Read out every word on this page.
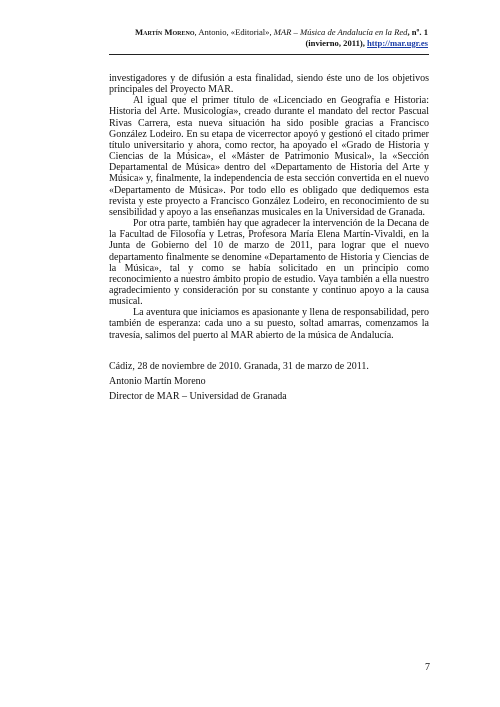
Martín Moreno, Antonio, «Editorial», MAR – Música de Andalucía en la Red, nº. 1 (invierno, 2011), http://mar.ugr.es

investigadores y de difusión a esta finalidad, siendo éste uno de los objetivos principales del Proyecto MAR.

Al igual que el primer título de «Licenciado en Geografía e Historia: Historia del Arte. Musicología», creado durante el mandato del rector Pascual Rivas Carrera, esta nueva situación ha sido posible gracias a Francisco González Lodeiro. En su etapa de vicerrector apoyó y gestionó el citado primer título universitario y ahora, como rector, ha apoyado el «Grado de Historia y Ciencias de la Música», el «Máster de Patrimonio Musical», la «Sección Departamental de Música» dentro del «Departamento de Historia del Arte y Música» y, finalmente, la independencia de esta sección convertida en el nuevo «Departamento de Música». Por todo ello es obligado que dediquemos esta revista y este proyecto a Francisco González Lodeiro, en reconocimiento de su sensibilidad y apoyo a las enseñanzas musicales en la Universidad de Granada.

Por otra parte, también hay que agradecer la intervención de la Decana de la Facultad de Filosofía y Letras, Profesora María Elena Martín-Vivaldi, en la Junta de Gobierno del 10 de marzo de 2011, para lograr que el nuevo departamento finalmente se denomine «Departamento de Historia y Ciencias de la Música», tal y como se había solicitado en un principio como reconocimiento a nuestro ámbito propio de estudio. Vaya también a ella nuestro agradecimiento y consideración por su constante y continuo apoyo a la causa musical.

La aventura que iniciamos es apasionante y llena de responsabilidad, pero también de esperanza: cada uno a su puesto, soltad amarras, comenzamos la travesía, salimos del puerto al MAR abierto de la música de Andalucía.

Cádiz, 28 de noviembre de 2010. Granada, 31 de marzo de 2011.
Antonio Martín Moreno
Director de MAR – Universidad de Granada
7
